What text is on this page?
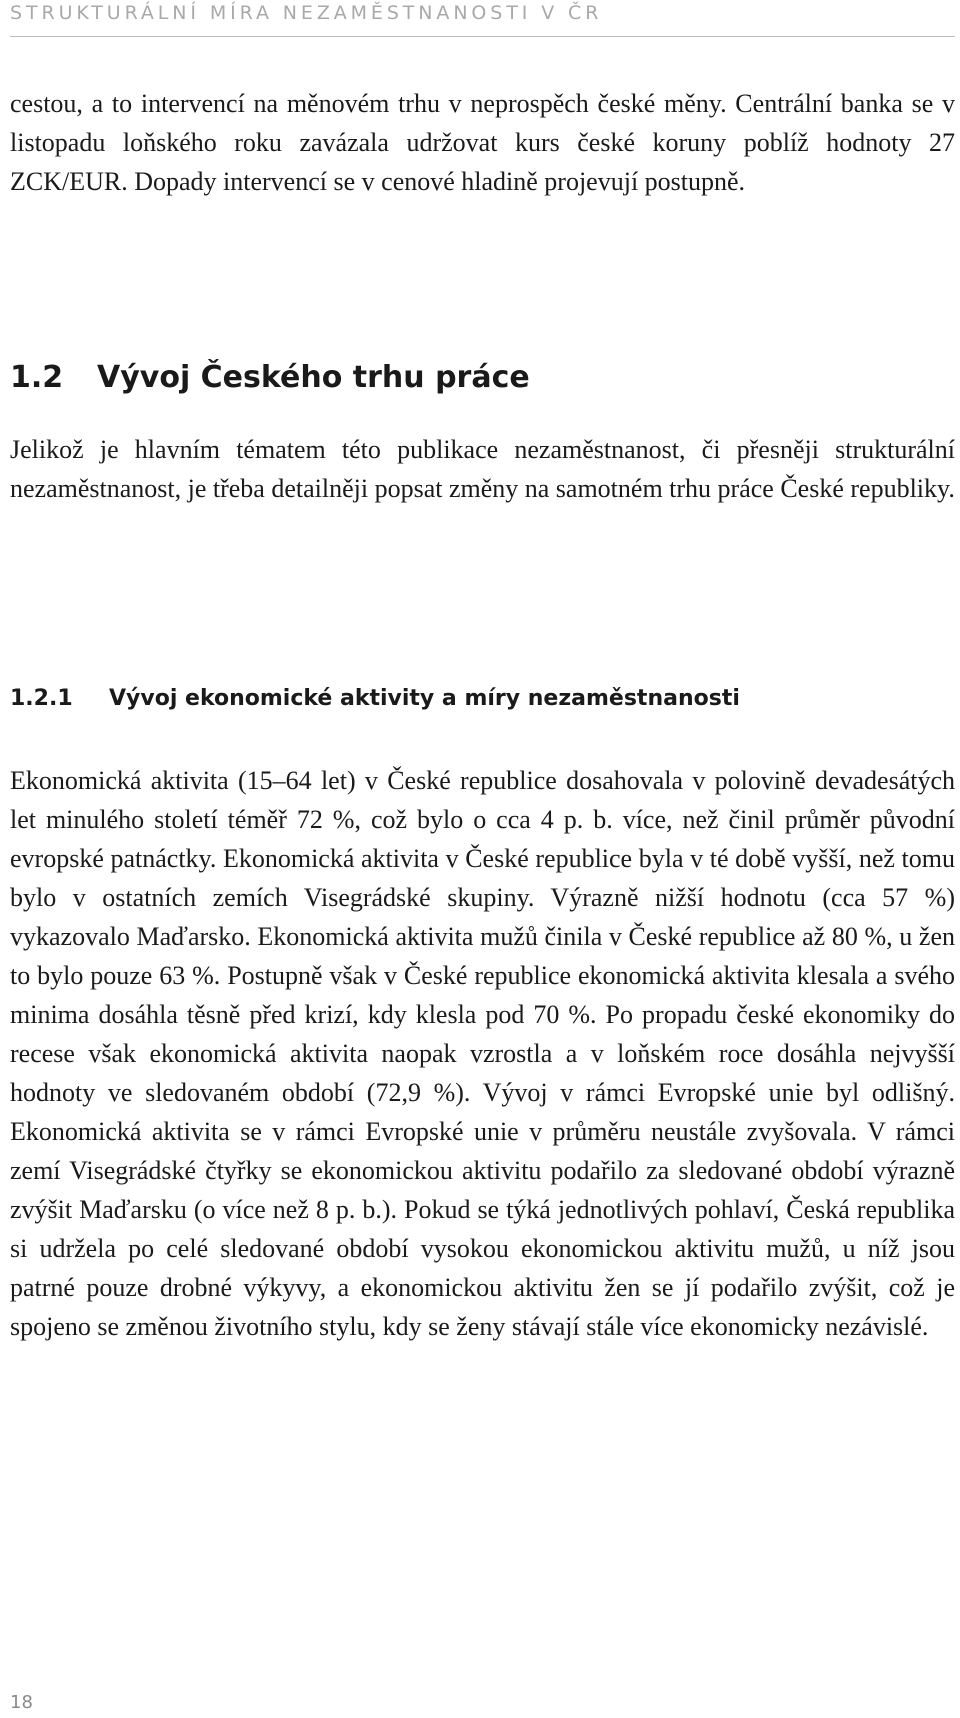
STRUKTURÁLNÍ MÍRA NEZAMĚSTNANOSTI V ČR

cestou, a to intervencí na měnovém trhu v neprospěch české měny. Centrální banka se v listopadu loňského roku zavázala udržovat kurs české koruny poblíž hodnoty 27 ZCK/EUR. Dopady intervencí se v cenové hladině projevují postupně.

1.2 Vývoj Českého trhu práce

Jelikož je hlavním tématem této publikace nezaměstnanost, či přesněji strukturální nezaměstnanost, je třeba detailněji popsat změny na samotném trhu práce České republiky.

1.2.1 Vývoj ekonomické aktivity a míry nezaměstnanosti

Ekonomická aktivita (15–64 let) v České republice dosahovala v polovině devadesátých let minulého století téměř 72 %, což bylo o cca 4 p. b. více, než činil průměr původní evropské patnáctky. Ekonomická aktivita v České republice byla v té době vyšší, než tomu bylo v ostatních zemích Visegrádské skupiny. Výrazně nižší hodnotu (cca 57 %) vykazovalo Maďarsko. Ekonomická aktivita mužů činila v České republice až 80 %, u žen to bylo pouze 63 %. Postupně však v České republice ekonomická aktivita klesala a svého minima dosáhla těsně před krizí, kdy klesla pod 70 %. Po propadu české ekonomiky do recese však ekonomická aktivita naopak vzrostla a v loňském roce dosáhla nejvyšší hodnoty ve sledovaném období (72,9 %). Vývoj v rámci Evropské unie byl odlišný. Ekonomická aktivita se v rámci Evropské unie v průměru neustále zvyšovala. V rámci zemí Visegrádské čtyřky se ekonomickou aktivitu podařilo za sledované období výrazně zvýšit Maďarsku (o více než 8 p. b.). Pokud se týká jednotlivých pohlaví, Česká republika si udržela po celé sledované období vysokou ekonomickou aktivitu mužů, u níž jsou patrné pouze drobné výkyvy, a ekonomickou aktivitu žen se jí podařilo zvýšit, což je spojeno se změnou životního stylu, kdy se ženy stávají stále více ekonomicky nezávislé.

18
